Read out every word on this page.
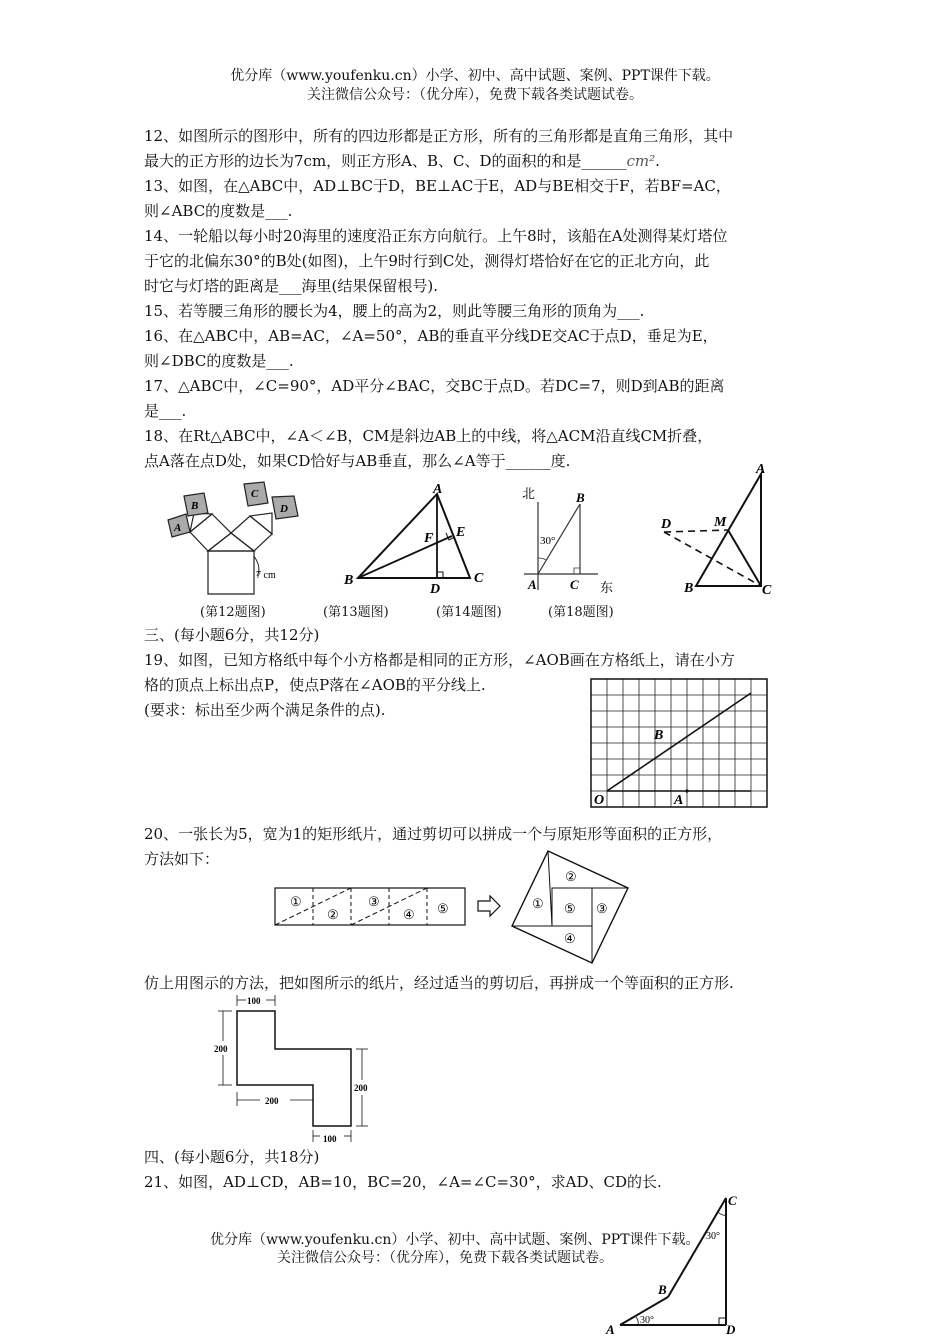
优分库（www.youfenku.cn）小学、初中、高中试题、案例、PPT课件下载。
关注微信公众号：（优分库），免费下载各类试题试卷。
12、如图所示的图形中，所有的四边形都是正方形，所有的三角形都是直角三角形，其中
最大的正方形的边长为7cm，则正方形A、B、C、D的面积的和是______cm².
13、如图，在△ABC中，AD⊥BC于D，BE⊥AC于E，AD与BE相交于F，若BF=AC，
则∠ABC的度数是___.
14、一轮船以每小时20海里的速度沿正东方向航行。上午8时，该船在A处测得某灯塔位
于它的北偏东30°的B处(如图)，上午9时行到C处，测得灯塔恰好在它的正北方向，此
时它与灯塔的距离是___海里(结果保留根号).
15、若等腰三角形的腰长为4，腰上的高为2，则此等腰三角形的顶角为___.
16、在△ABC中，AB=AC，∠A=50°，AB的垂直平分线DE交AC于点D，垂足为E，
则∠DBC的度数是___.
17、△ABC中，∠C=90°，AD平分∠BAC，交BC于点D。若DC=7，则D到AB的距离
是___.
18、在Rt△ABC中，∠A＜∠B，CM是斜边AB上的中线，将△ACM沿直线CM折叠，
点A落在点D处，如果CD恰好与AB垂直，那么∠A等于______度.
A
B
C
D
7 cm
A
B	C
D
E
F
北
东
A
B
C
30°
A
B	C
D	M
(第12题图)	(第13题图)	(第14题图)	(第18题图)
三、(每小题6分，共12分)
19、如图，已知方格纸中每个小方格都是相同的正方形，∠AOB画在方格纸上，请在小方
格的顶点上标出点P，使点P落在∠AOB的平分线上.
(要求：标出至少两个满足条件的点).
O	A
B
20、一张长为5，宽为1的矩形纸片，通过剪切可以拼成一个与原矩形等面积的正方形，
方法如下：
①
②
③
④ ⑤	①
②
③
④
⑤
仿上用图示的方法，把如图所示的纸片，经过适当的剪切后，再拼成一个等面积的正方形.
100
200
200
200
100
四、(每小题6分，共18分)
21、如图，AD⊥CD，AB=10，BC=20，∠A=∠C=30°，求AD、CD的长.
优分库（www.youfenku.cn）小学、初中、高中试题、案例、PPT课件下载。
关注微信公众号：（优分库），免费下载各类试题试卷。
C
B
A	D
30°
30°
